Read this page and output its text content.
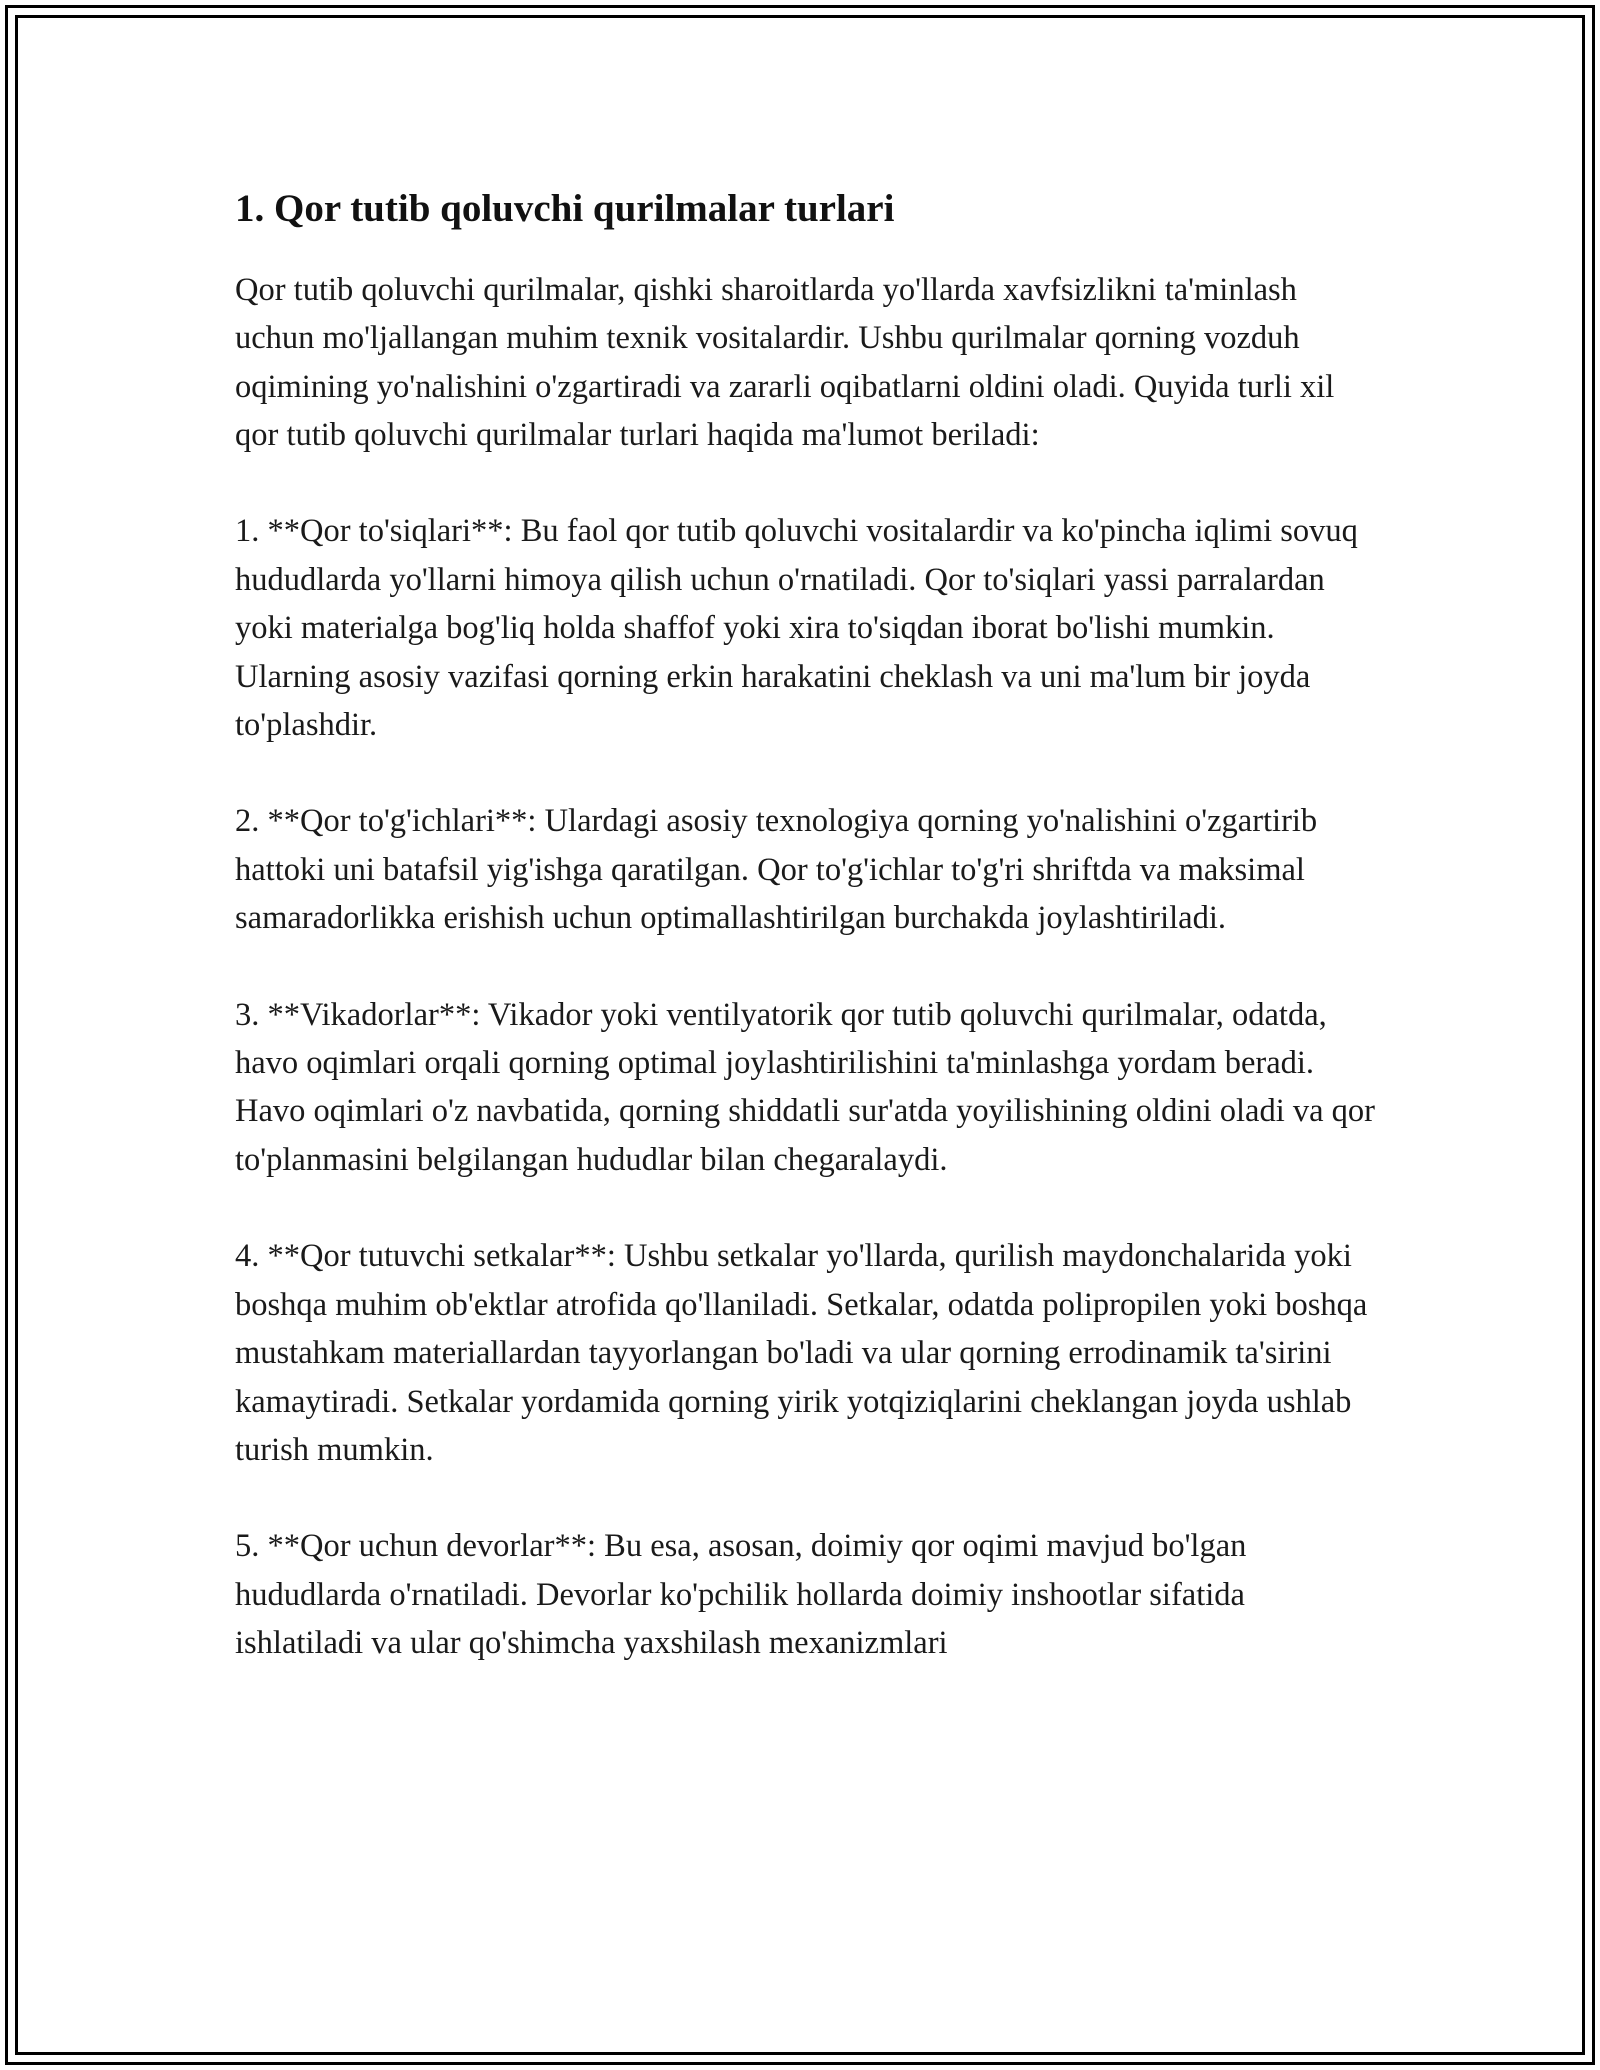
1. Qor tutib qoluvchi qurilmalar turlari

Qor tutib qoluvchi qurilmalar, qishki sharoitlarda yo'llarda xavfsizlikni ta'minlash uchun mo'ljallangan muhim texnik vositalardir. Ushbu qurilmalar qorning vozduh oqimining yo'nalishini o'zgartiradi va zararli oqibatlarni oldini oladi. Quyida turli xil qor tutib qoluvchi qurilmalar turlari haqida ma'lumot beriladi:

1. **Qor to'siqlari**: Bu faol qor tutib qoluvchi vositalardir va ko'pincha iqlimi sovuq hududlarda yo'llarni himoya qilish uchun o'rnatiladi. Qor to'siqlari yassi parralardan yoki materialga bog'liq holda shaffof yoki xira to'siqdan iborat bo'lishi mumkin. Ularning asosiy vazifasi qorning erkin harakatini cheklash va uni ma'lum bir joyda to'plashdir.

2. **Qor to'g'ichlari**: Ulardagi asosiy texnologiya qorning yo'nalishini o'zgartirib hattoki uni batafsil yig'ishga qaratilgan. Qor to'g'ichlar to'g'ri shriftda va maksimal samaradorlikka erishish uchun optimallashtirilgan burchakda joylashtiriladi.

3. **Vikadorlar**: Vikador yoki ventilyatorik qor tutib qoluvchi qurilmalar, odatda, havo oqimlari orqali qorning optimal joylashtirilishini ta'minlashga yordam beradi. Havo oqimlari o'z navbatida, qorning shiddatli sur'atda yoyilishining oldini oladi va qor to'planmasini belgilangan hududlar bilan chegaralaydi.

4. **Qor tutuvchi setkalar**: Ushbu setkalar yo'llarda, qurilish maydonchalarida yoki boshqa muhim ob'ektlar atrofida qo'llaniladi. Setkalar, odatda polipropilen yoki boshqa mustahkam materiallardan tayyorlangan bo'ladi va ular qorning errodinamik ta'sirini kamaytiradi. Setkalar yordamida qorning yirik yotqiziqlarini cheklangan joyda ushlab turish mumkin.

5. **Qor uchun devorlar**: Bu esa, asosan, doimiy qor oqimi mavjud bo'lgan hududlarda o'rnatiladi. Devorlar ko'pchilik hollarda doimiy inshootlar sifatida ishlatiladi va ular qo'shimcha yaxshilash mexanizmlari
